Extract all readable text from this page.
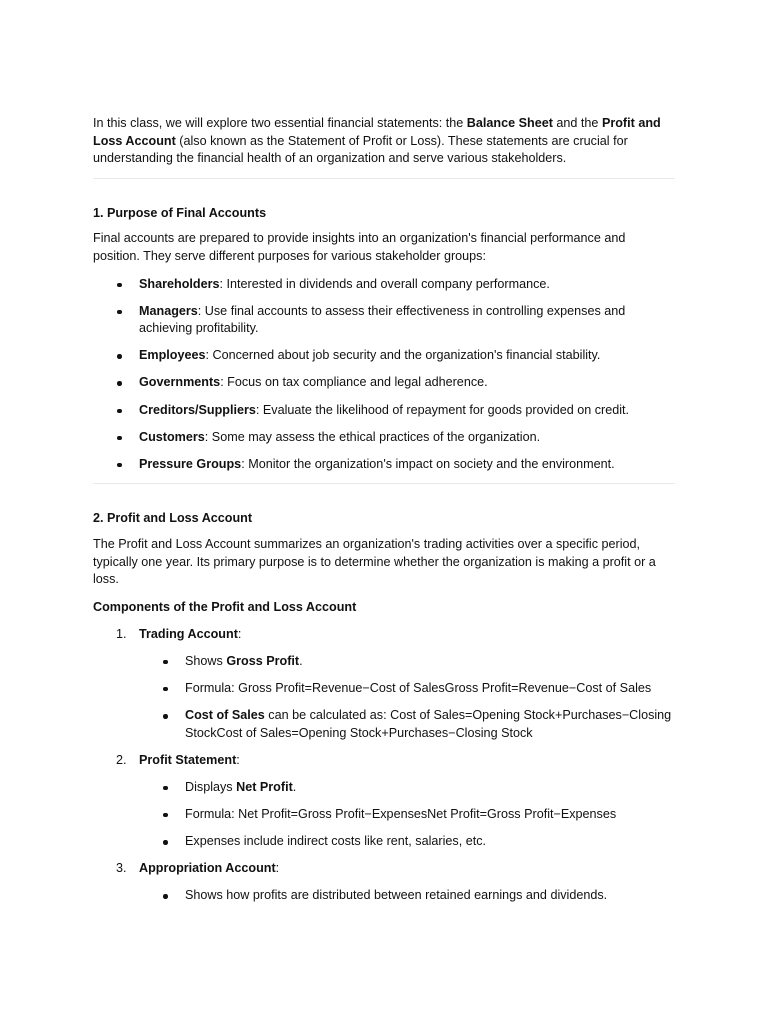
In this class, we will explore two essential financial statements: the Balance Sheet and the Profit and Loss Account (also known as the Statement of Profit or Loss). These statements are crucial for understanding the financial health of an organization and serve various stakeholders.

1. Purpose of Final Accounts

Final accounts are prepared to provide insights into an organization's financial performance and position. They serve different purposes for various stakeholder groups:

Shareholders: Interested in dividends and overall company performance.
Managers: Use final accounts to assess their effectiveness in controlling expenses and achieving profitability.
Employees: Concerned about job security and the organization's financial stability.
Governments: Focus on tax compliance and legal adherence.
Creditors/Suppliers: Evaluate the likelihood of repayment for goods provided on credit.
Customers: Some may assess the ethical practices of the organization.
Pressure Groups: Monitor the organization's impact on society and the environment.
2. Profit and Loss Account

The Profit and Loss Account summarizes an organization's trading activities over a specific period, typically one year. Its primary purpose is to determine whether the organization is making a profit or a loss.

Components of the Profit and Loss Account

1. Trading Account:

Shows Gross Profit.
Formula: Gross Profit=Revenue−Cost of SalesGross Profit=Revenue−Cost of Sales
Cost of Sales can be calculated as: Cost of Sales=Opening Stock+Purchases−Closing StockCost of Sales=Opening Stock+Purchases−Closing Stock
2. Profit Statement:

Displays Net Profit.
Formula: Net Profit=Gross Profit−ExpensesNet Profit=Gross Profit−Expenses
Expenses include indirect costs like rent, salaries, etc.
3. Appropriation Account:

Shows how profits are distributed between retained earnings and dividends.
